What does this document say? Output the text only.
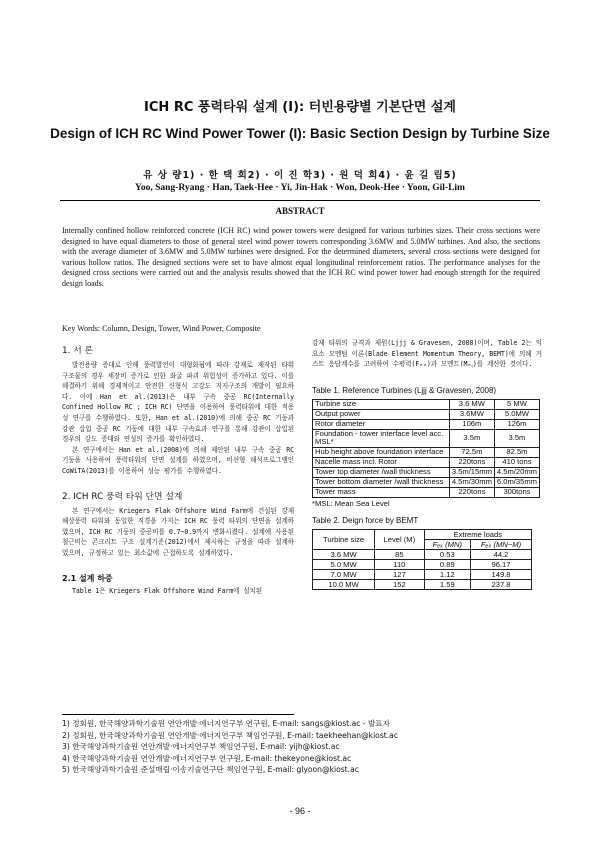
ICH RC 풍력타워 설계 (I): 터빈용량별 기본단면 설계
Design of ICH RC Wind Power Tower (I): Basic Section Design by Turbine Size
유 상 량1) · 한 택 희2) · 이 진 학3) · 원 덕 희4) · 윤 길 림5)
Yoo, Sang-Ryang · Han, Taek-Hee · Yi, Jin-Hak · Won, Deok-Hee · Yoon, Gil-Lim
ABSTRACT
Internally confined hollow reinforced concrete (ICH RC) wind power towers were designed for various turbines sizes. Their cross sections were designed to have equal diameters to those of general steel wind power towers corresponding 3.6MW and 5.0MW turbines. And also, the sections with the average diameter of 3.6MW and 5.0MW turbines were designed. For the determined diameters, several cross sections were designed for various hollow ratios. The designed sections were set to have almost equal longitudinal reinforcement ratios. The performance analyses for the designed cross sections were carried out and the analysis results showed that the ICH RC wind power tower had enough strength for the required design loads.
Key Words: Column, Design, Tower, Wind Power, Composite

1. 서 론

발전용량 증대로 인해 풍력발전이 대형화됨에 따라 강재로 제작된 타워 구조물의 경우 세장비 증가로 인한 좌굴 파괴 위험성이 증가하고 있다. 이를 해결하기 위해 경제적이고 안전한 신형식 고강도 지지구조의 개발이 필요하다. 이에 Han et al.(2013)은 내부 구속 중공 RC(Internally Confined Hollow RC ; ICH RC) 단면을 이용하여 풍력타워에 대한 적용성 연구를 수행하였다. 또한, Han et al.(2010)에 의해 중공 RC 기둥과 강관 삽입 중공 RC 기둥에 대한 내부 구속효과 연구를 통해 강관이 삽입된 경우의 강도 증대와 연성의 증가를 확인하였다.

본 연구에서는 Han et al.(2008)에 의해 제안된 내부 구속 중공 RC 기둥을 사용하여 풍력타워의 단면 설계를 하였으며, 비선형 해석프로그램인 CoWiTA(2013)를 이용하여 성능 평가를 수행하였다.

2. ICH RC 풍력 타워 단면 설계

본 연구에서는 Kriegers Flak Offshore Wind Farm에 건설된 강재 해상풍력 타워와 동일한 직경을 가지는 ICH RC 풍력 타워의 단면을 설계하였으며, ICH RC 기둥의 중공비를 0.7~0.9까지 변화시켰다. 설계에 사용된 철근비는 콘크리트 구조 설계기준(2012)에서 제시하는 규정을 따라 설계하였으며, 규정하고 있는 최소값에 근접하도록 설계하였다.

2.1 설계 하중

Table 1은 Kriegers Flak Offshore Wind Farm에 설치된

강재 타워의 규격과 제원(Ljjj & Gravesen, 2008)이며, Table 2는 익요소 모멘텀 이론(Blade Element Momentum Theory, BEMT)에 의해 거스트 응답계수를 고려하여 수평력(Fₑₓ)과 모멘트(Mₑᵧ)를 계산한 것이다.

Table 1. Reference Turbines (Ljjj & Gravesen, 2008)

Turbine size	3.6 MW	5 MW
Output power	3.6MW	5.0MW
Rotor diameter	106m	126m
Foundation - tower interface level acc. MSL*	3.5m	3.5m
Hub height above foundation interface	72.5m	82.5m
Nacelle mass incl. Rotor	220tons	410 tons
Tower top diameter /wall thickness	3.5m/15mm	4.5m/20mm
Tower bottom diameter /wall thickness	4.5m/30mm	6.0m/35mm
Tower mass	220tons	300tons

*MSL: Mean Sea Level

Table 2. Deign force by BEMT

Turbine size	Level (M)	Extreme loads	
		Fₑₓ (MN)	Fₑₓ (MN−M)
3.6 MW	85	0.53	44.2
5.0 MW	110	0.89	96.17
7.0 MW	127	1.12	149.8
10.0 MW	152	1.59	237.8
1) 정회원, 한국해양과학기술원 연안개발·에너지연구부 연구원, E-mail: sangs@kiost.ac - 발표자
2) 정회원, 한국해양과학기술원 연안개발·에너지연구부 책임연구원, E-mail: taekheehan@kiost.ac
3) 한국해양과학기술원 연안개발·에너지연구부 책임연구원, E-mail: yijh@kiost.ac
4) 한국해양과학기술원 연안개발·에너지연구부 연구원, E-mail: thekeyone@kiost.ac
5) 한국해양과학기술원 준설매립·이송기술연구단 책임연구원, E-mail: glyoon@kiost.ac
- 96 -
